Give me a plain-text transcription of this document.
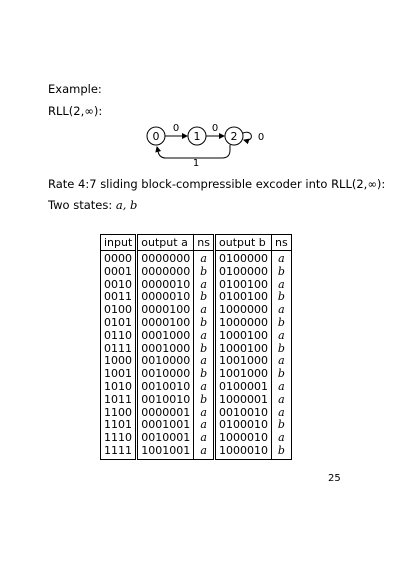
Example:
RLL(2,∞):
0	1	2
0	0
0
1
Rate 4:7 sliding block-compressible excoder into RLL(2,∞):
Two states: a, b
input	output a	ns	output b	ns
0000	0000000	a	0100000	a
0001	0000000	b	0100000	b
0010	0000010	a	0100100	a
0011	0000010	b	0100100	b
0100	0000100	a	1000000	a
0101	0000100	b	1000000	b
0110	0001000	a	1000100	a
0111	0001000	b	1000100	b
1000	0010000	a	1001000	a
1001	0010000	b	1001000	b
1010	0010010	a	0100001	a
1011	0010010	b	1000001	a
1100	0000001	a	0010010	a
1101	0001001	a	0100010	b
1110	0010001	a	1000010	a
1111	1001001	a	1000010	b
25
